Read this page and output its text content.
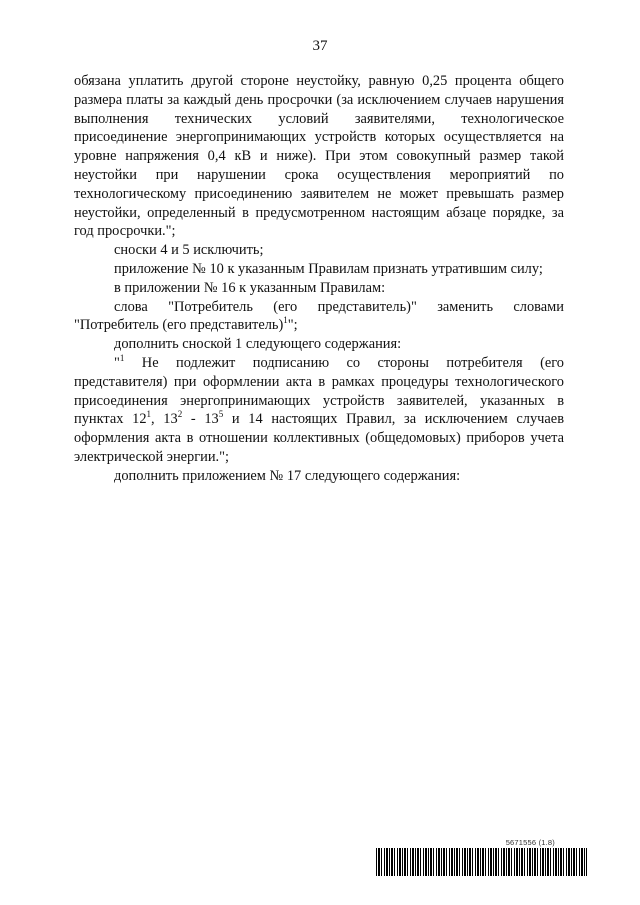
37

обязана уплатить другой стороне неустойку, равную 0,25 процента общего размера платы за каждый день просрочки (за исключением случаев нарушения выполнения технических условий заявителями, технологическое присоединение энергопринимающих устройств которых осуществляется на уровне напряжения 0,4 кВ и ниже). При этом совокупный размер такой неустойки при нарушении срока осуществления мероприятий по технологическому присоединению заявителем не может превышать размер неустойки, определенный в предусмотренном настоящим абзаце порядке, за год просрочки.";

сноски 4 и 5 исключить;

приложение № 10 к указанным Правилам признать утратившим силу;

в приложении № 16 к указанным Правилам:

слова "Потребитель (его представитель)" заменить словами "Потребитель (его представитель)$^1$";

дополнить сноской 1 следующего содержания:

"$^1$ Не подлежит подписанию со стороны потребителя (его представителя) при оформлении акта в рамках процедуры технологического присоединения энергопринимающих устройств заявителей, указанных в пунктах $12^1$, $13^2 - 13^5$ и 14 настоящих Правил, за исключением случаев оформления акта в отношении коллективных (общедомовых) приборов учета электрической энергии.";

дополнить приложением № 17 следующего содержания:

5671556 (1.8)
